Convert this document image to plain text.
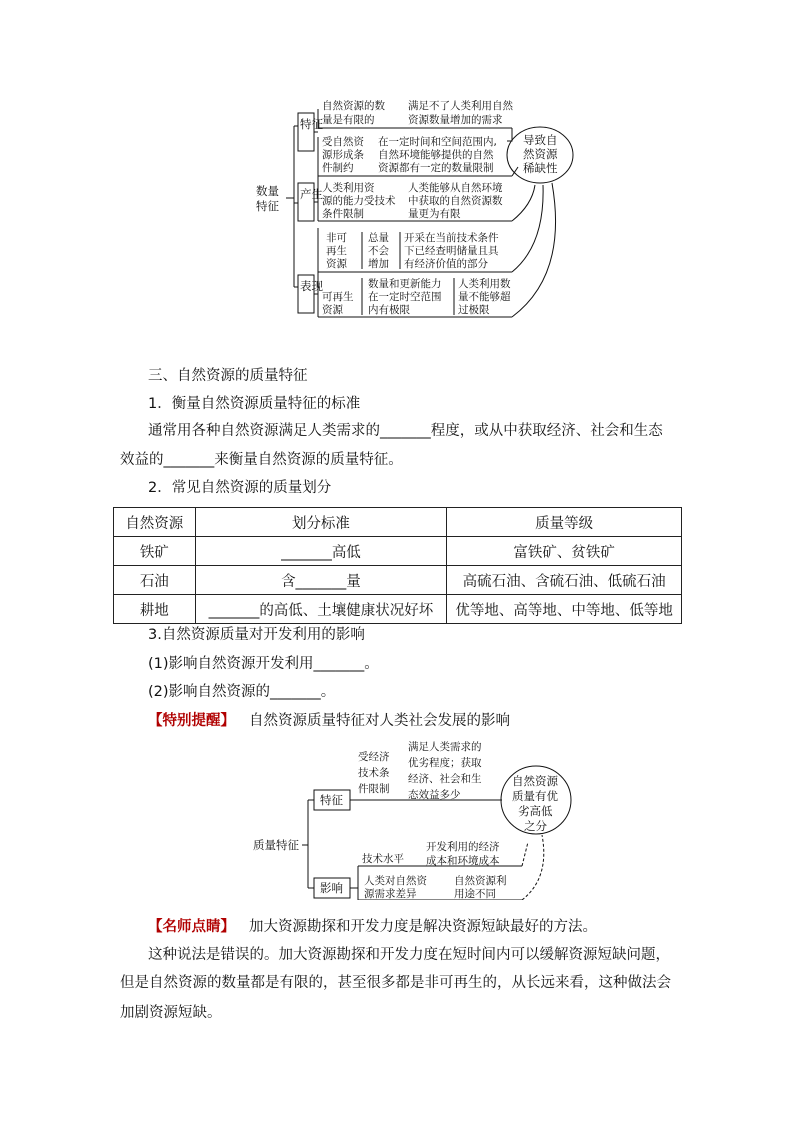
数量
特征
特征
产生
表现
自然资源的数
量是有限的
满足不了人类利用自然
资源数量增加的需求
受自然资
源形成条
件制约
在一定时间和空间范围内,
自然环境能够提供的自然
资源都有一定的数量限制
人类利用资
源的能力受技术
条件限制
人类能够从自然环境
中获取的自然资源数
量更为有限
非可
再生
资源
总量
不会
增加
开采在当前技术条件
下已经查明储量且具
有经济价值的部分
可再生
资源
数量和更新能力
在一定时空范围
内有极限
人类利用数
量不能够超
过极限
导致自
然资源
稀缺性
三、自然资源的质量特征
1．衡量自然资源质量特征的标准
通常用各种自然资源满足人类需求的_______程度，或从中获取经济、社会和生态
效益的_______来衡量自然资源的质量特征。
2．常见自然资源的质量划分
自然资源	划分标准	质量等级
铁矿	_______高低	富铁矿、贫铁矿
石油	含_______量	高硫石油、含硫石油、低硫石油
耕地	_______的高低、土壤健康状况好坏	优等地、高等地、中等地、低等地
3.自然资源质量对开发利用的影响
(1)影响自然资源开发利用_______。
(2)影响自然资源的_______。
【特别提醒】 自然资源质量特征对人类社会发展的影响
质量特征
特征
影响
受经济
技术条
件限制
满足人类需求的
优劣程度；获取
经济、社会和生
态效益多少
自然资源
质量有优
劣高低
之分
技术水平
开发利用的经济
成本和环境成本
人类对自然资
源需求差异
自然资源利
用途不同
【名师点睛】 加大资源勘探和开发力度是解决资源短缺最好的方法。
这种说法是错误的。加大资源勘探和开发力度在短时间内可以缓解资源短缺问题，
但是自然资源的数量都是有限的，甚至很多都是非可再生的，从长远来看，这种做法会
加剧资源短缺。
